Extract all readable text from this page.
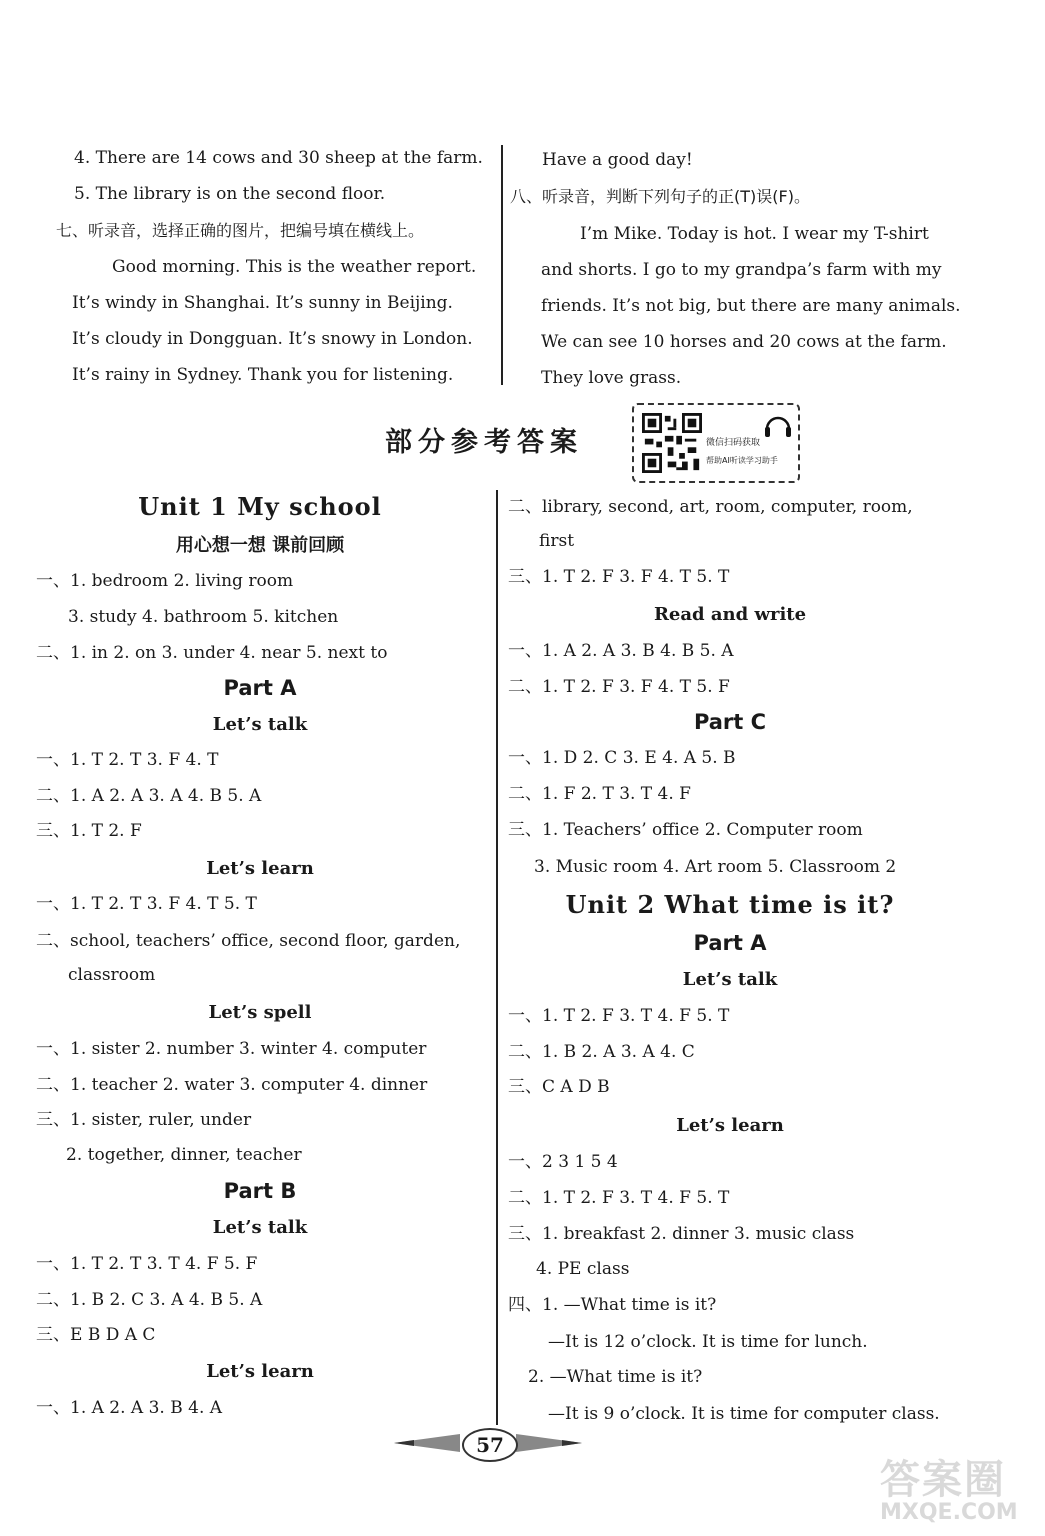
4. There are 14 cows and 30 sheep at the farm.
5. The library is on the second floor.
七、听录音，选择正确的图片，把编号填在横线上。
Good morning. This is the weather report.
It’s windy in Shanghai. It’s sunny in Beijing.
It’s cloudy in Dongguan. It’s snowy in London.
It’s rainy in Sydney. Thank you for listening.
Have a good day!
八、听录音，判断下列句子的正(T)误(F)。
I’m Mike. Today is hot. I wear my T-shirt
and shorts. I go to my grandpa’s farm with my
friends. It’s not big, but there are many animals.
We can see 10 horses and 20 cows at the farm.
They love grass.
部分参考答案	微信扫码获取
帮助AI听读学习助手
Unit 1 My school
用心想一想 课前回顾
一、1. bedroom 2. living room
3. study 4. bathroom 5. kitchen
二、1. in 2. on 3. under 4. near 5. next to
Part A
Let’s talk
一、1. T 2. T 3. F 4. T
二、1. A 2. A 3. A 4. B 5. A
三、1. T 2. F
Let’s learn
一、1. T 2. T 3. F 4. T 5. T
二、school, teachers’ office, second floor, garden,
classroom
Let’s spell
一、1. sister 2. number 3. winter 4. computer
二、1. teacher 2. water 3. computer 4. dinner
三、1. sister, ruler, under
2. together, dinner, teacher
Part B
Let’s talk
一、1. T 2. T 3. T 4. F 5. F
二、1. B 2. C 3. A 4. B 5. A
三、E B D A C
Let’s learn
一、1. A 2. A 3. B 4. A
二、library, second, art, room, computer, room,
first
三、1. T 2. F 3. F 4. T 5. T
Read and write
一、1. A 2. A 3. B 4. B 5. A
二、1. T 2. F 3. F 4. T 5. F
Part C
一、1. D 2. C 3. E 4. A 5. B
二、1. F 2. T 3. T 4. F
三、1. Teachers’ office 2. Computer room
3. Music room 4. Art room 5. Classroom 2
Unit 2 What time is it?
Part A
Let’s talk
一、1. T 2. F 3. T 4. F 5. T
二、1. B 2. A 3. A 4. C
三、C A D B
Let’s learn
一、2 3 1 5 4
二、1. T 2. F 3. T 4. F 5. T
三、1. breakfast 2. dinner 3. music class
4. PE class
四、1. —What time is it?
—It is 12 o’clock. It is time for lunch.
2. —What time is it?
—It is 9 o’clock. It is time for computer class.
57
答案圈
MXQE.COM
